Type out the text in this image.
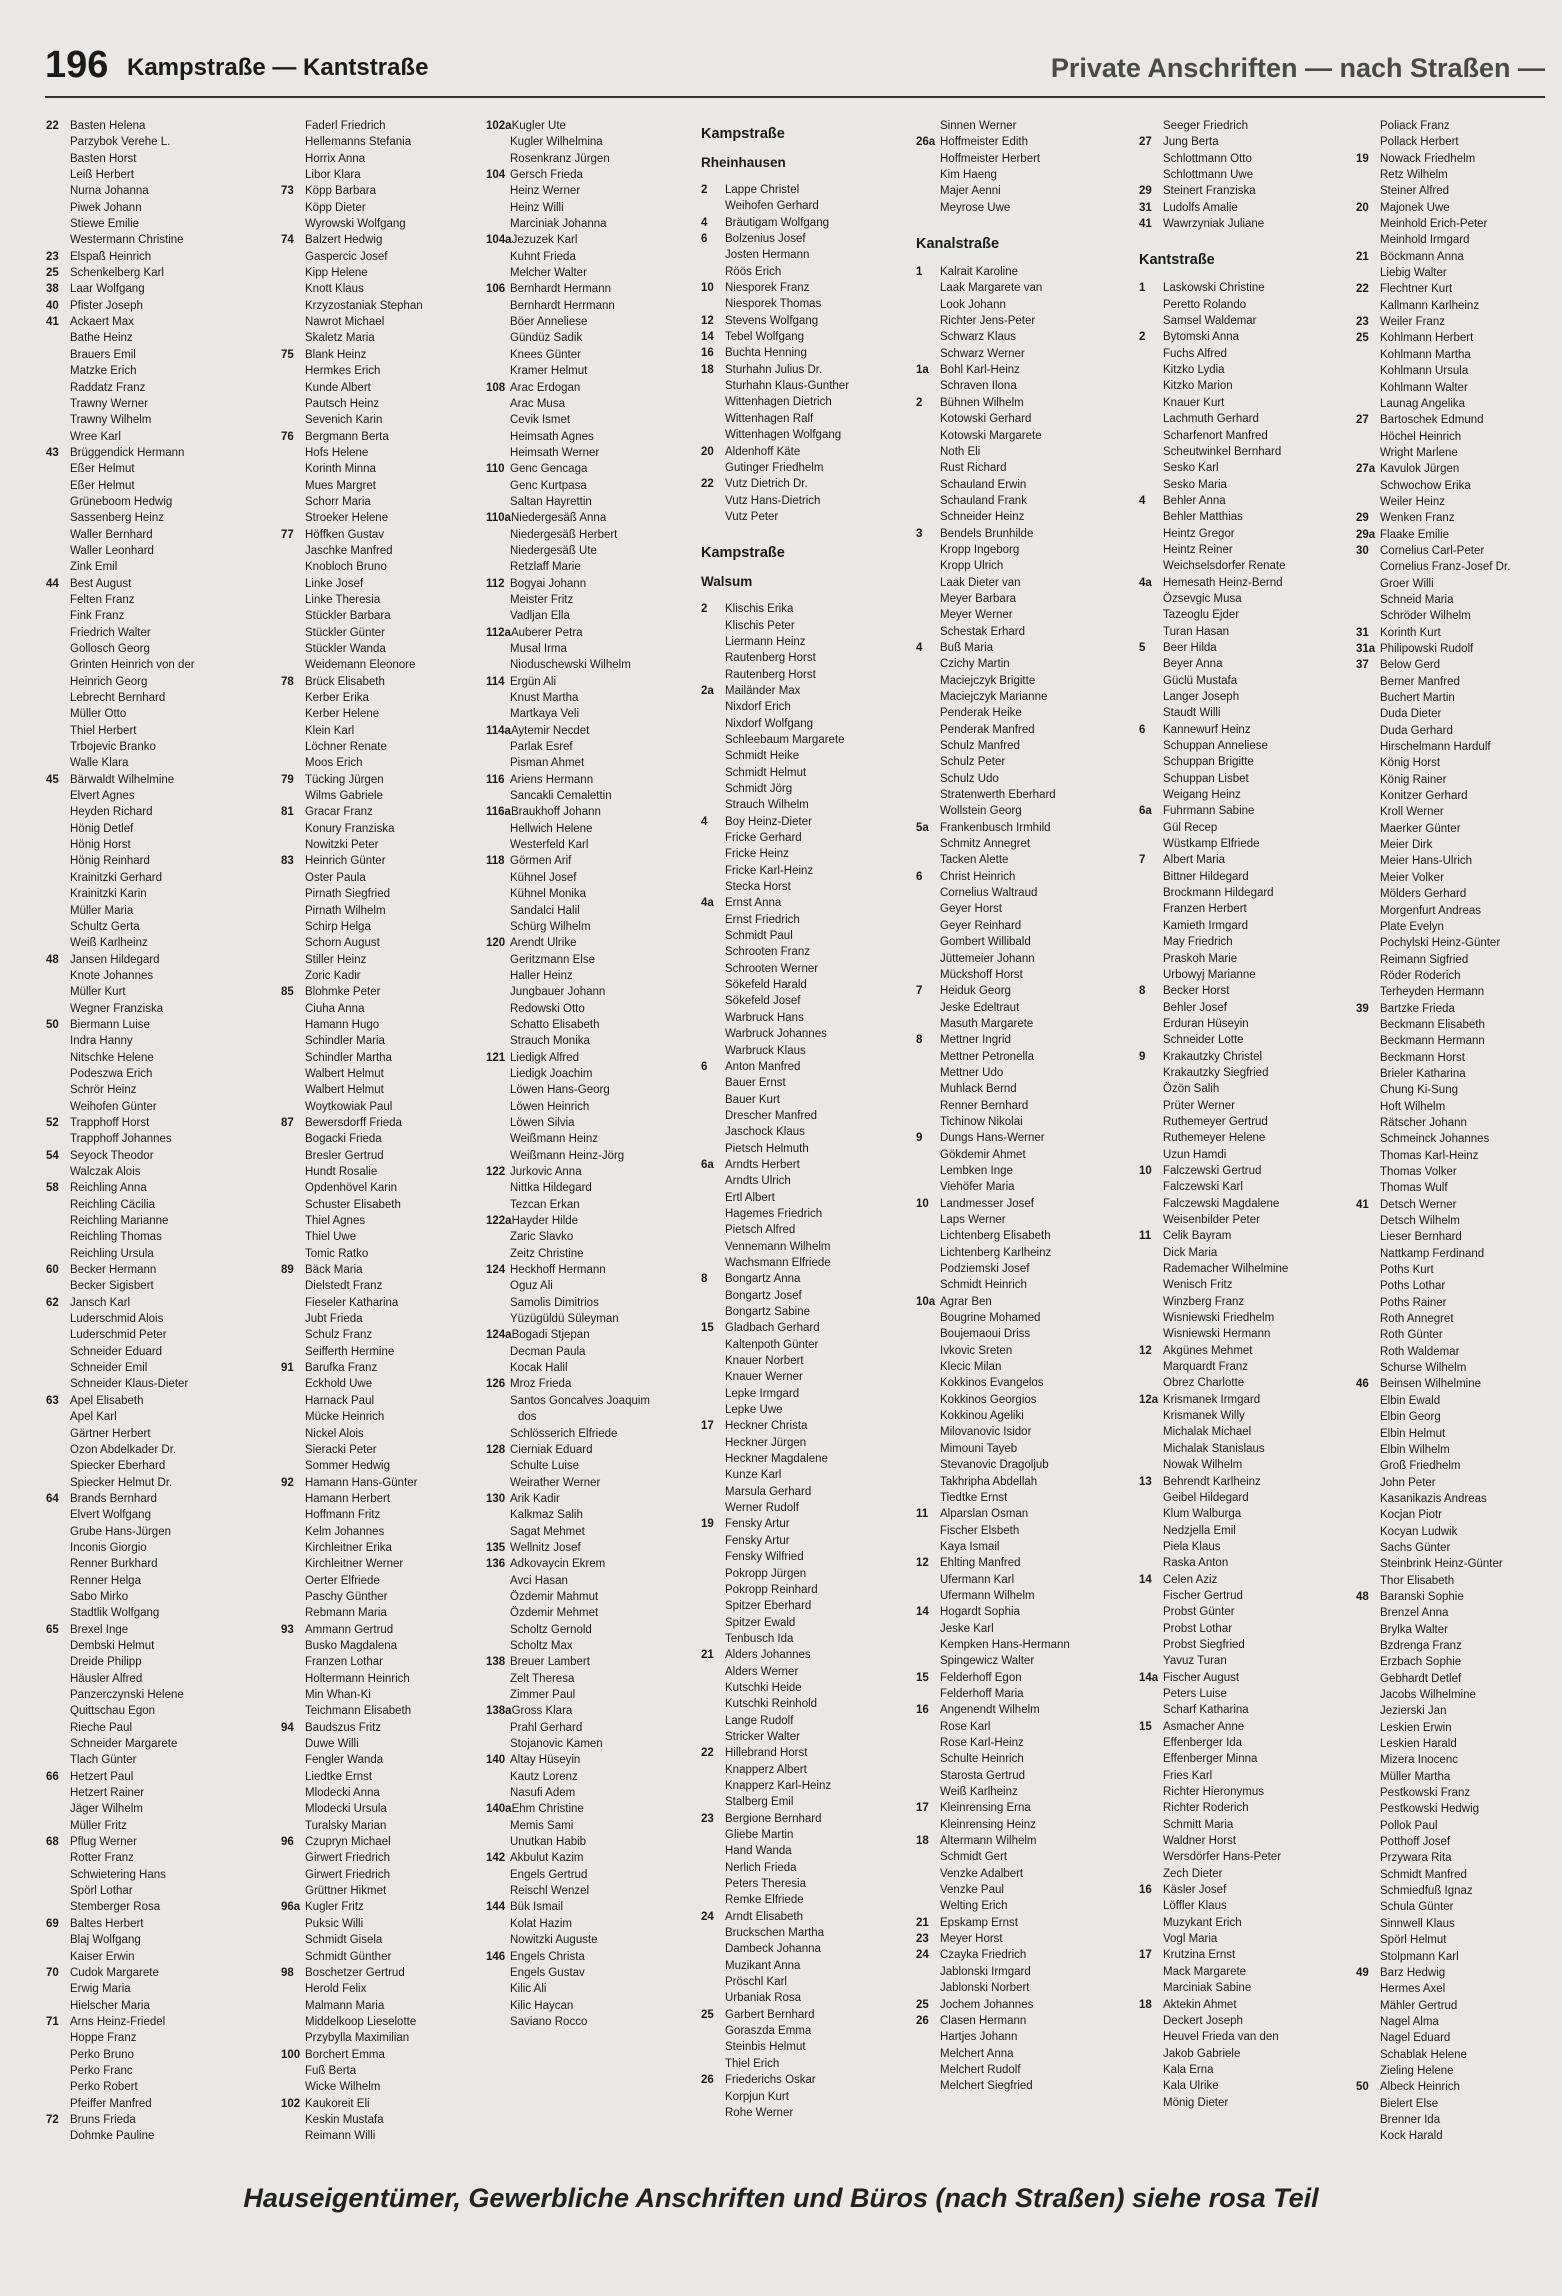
196 Kampstraße — Kantstraße	Private Anschriften — nach Straßen —
22 Basten Helena
Parzybok Verehe L.
Basten Horst
Leiß Herbert
Nurna Johanna
Piwek Johann
Stiewe Emilie
Westermann Christine
23 Elspaß Heinrich
25 Schenkelberg Karl
38 Laar Wolfgang
40 Pfister Joseph
41 Ackaert Max
Bathe Heinz
Brauers Emil
Matzke Erich
Raddatz Franz
Trawny Werner
Trawny Wilhelm
Wree Karl
43 Brüggendick Hermann
Eßer Helmut
Eßer Helmut
Grüneboom Hedwig
Sassenberg Heinz
Waller Bernhard
Waller Leonhard
Zink Emil
44 Best August
Felten Franz
Fink Franz
Friedrich Walter
Gollosch Georg
Grinten Heinrich von der
Heinrich Georg
Lebrecht Bernhard
Müller Otto
Thiel Herbert
Trbojevic Branko
Walle Klara
45 Bärwaldt Wilhelmine
Elvert Agnes
Heyden Richard
Hönig Detlef
Hönig Horst
Hönig Reinhard
Krainitzki Gerhard
Krainitzki Karin
Müller Maria
Schultz Gerta
Weiß Karlheinz
48 Jansen Hildegard
Knote Johannes
Müller Kurt
Wegner Franziska
50 Biermann Luise
Indra Hanny
Nitschke Helene
Podeszwa Erich
Schrör Heinz
Weihofen Günter
52 Trapphoff Horst
Trapphoff Johannes
54 Seyock Theodor
Walczak Alois
58 Reichling Anna
Reichling Cäcilia
Reichling Marianne
Reichling Thomas
Reichling Ursula
60 Becker Hermann
Becker Sigisbert
62 Jansch Karl
Luderschmid Alois
Luderschmid Peter
Schneider Eduard
Schneider Emil
Schneider Klaus-Dieter
63 Apel Elisabeth
Apel Karl
Gärtner Herbert
Ozon Abdelkader Dr.
Spiecker Eberhard
Spiecker Helmut Dr.
64 Brands Bernhard
Elvert Wolfgang
Grube Hans-Jürgen
Inconis Giorgio
Renner Burkhard
Renner Helga
Sabo Mirko
Stadtlik Wolfgang
65 Brexel Inge
Dembski Helmut
Dreide Philipp
Häusler Alfred
Panzerczynski Helene
Quittschau Egon
Rieche Paul
Schneider Margarete
Tlach Günter
66 Hetzert Paul
Hetzert Rainer
Jäger Wilhelm
Müller Fritz
68 Pflug Werner
Rotter Franz
Schwietering Hans
Spörl Lothar
Stemberger Rosa
69 Baltes Herbert
Blaj Wolfgang
Kaiser Erwin
70 Cudok Margarete
Erwig Maria
Hielscher Maria
71 Arns Heinz-Friedel
Hoppe Franz
Perko Bruno
Perko Franc
Perko Robert
Pfeiffer Manfred
72 Bruns Frieda
Dohmke Pauline
Faderl Friedrich
Hellemanns Stefania
Horrix Anna
Libor Klara
73 Köpp Barbara
Köpp Dieter
Wyrowski Wolfgang
74 Balzert Hedwig
Gaspercic Josef
Kipp Helene
Knott Klaus
Krzyzostaniak Stephan
Nawrot Michael
Skaletz Maria
75 Blank Heinz
Hermkes Erich
Kunde Albert
Pautsch Heinz
Sevenich Karin
76 Bergmann Berta
Hofs Helene
Korinth Minna
Mues Margret
Schorr Maria
Stroeker Helene
77 Höffken Gustav
Jaschke Manfred
Knobloch Bruno
Linke Josef
Linke Theresia
Stückler Barbara
Stückler Günter
Stückler Wanda
Weidemann Eleonore
78 Brück Elisabeth
Kerber Erika
Kerber Helene
Klein Karl
Löchner Renate
Moos Erich
79 Tücking Jürgen
Wilms Gabriele
81 Gracar Franz
Konury Franziska
Nowitzki Peter
83 Heinrich Günter
Oster Paula
Pirnath Siegfried
Pirnath Wilhelm
Schirp Helga
Schorn August
Stiller Heinz
Zoric Kadir
85 Blohmke Peter
Ciuha Anna
Hamann Hugo
Schindler Maria
Schindler Martha
Walbert Helmut
Walbert Helmut
Woytkowiak Paul
87 Bewersdorff Frieda
Bogacki Frieda
Bresler Gertrud
Hundt Rosalie
Opdenhövel Karin
Schuster Elisabeth
Thiel Agnes
Thiel Uwe
Tomic Ratko
89 Bäck Maria
Dielstedt Franz
Fieseler Katharina
Jubt Frieda
Schulz Franz
Seifferth Hermine
91 Barufka Franz
Eckhold Uwe
Harnack Paul
Mücke Heinrich
Nickel Alois
Sieracki Peter
Sommer Hedwig
92 Hamann Hans-Günter
Hamann Herbert
Hoffmann Fritz
Kelm Johannes
Kirchleitner Erika
Kirchleitner Werner
Oerter Elfriede
Paschy Günther
Rebmann Maria
93 Ammann Gertrud
Busko Magdalena
Franzen Lothar
Holtermann Heinrich
Min Whan-Ki
Teichmann Elisabeth
94 Baudszus Fritz
Duwe Willi
Fengler Wanda
Liedtke Ernst
Mlodecki Anna
Mlodecki Ursula
Turalsky Marian
96 Czupryn Michael
Girwert Friedrich
Girwert Friedrich
Grüttner Hikmet
96a Kugler Fritz
Puksic Willi
Schmidt Gisela
Schmidt Günther
98 Boschetzer Gertrud
Herold Felix
Malmann Maria
Middelkoop Lieselotte
Przybylla Maximilian
100 Borchert Emma
Fuß Berta
Wicke Wilhelm
102 Kaukoreit Eli
Keskin Mustafa
Reimann Willi
102aKugler Ute
Kugler Wilhelmina
Rosenkranz Jürgen
104 Gersch Frieda
Heinz Werner
Heinz Willi
Marciniak Johanna
104aJezuzek Karl
Kuhnt Frieda
Melcher Walter
106 Bernhardt Hermann
Bernhardt Herrmann
Böer Anneliese
Gündüz Sadik
Knees Günter
Kramer Helmut
108 Arac Erdogan
Arac Musa
Cevik Ismet
Heimsath Agnes
Heimsath Werner
110 Genc Gencaga
Genc Kurtpasa
Saltan Hayrettin
110aNiedergesäß Anna
Niedergesäß Herbert
Niedergesäß Ute
Retzlaff Marie
112 Bogyai Johann
Meister Fritz
Vadljan Ella
112aAuberer Petra
Musal Irma
Nioduschewski Wilhelm
114 Ergün Ali
Knust Martha
Martkaya Veli
114aAytemir Necdet
Parlak Esref
Pisman Ahmet
116 Ariens Hermann
Sancakli Cemalettin
116aBraukhoff Johann
Hellwich Helene
Westerfeld Karl
118 Görmen Arif
Kühnel Josef
Kühnel Monika
Sandalci Halil
Schürg Wilhelm
120 Arendt Ulrike
Geritzmann Else
Haller Heinz
Jungbauer Johann
Redowski Otto
Schatto Elisabeth
Strauch Monika
121 Liedigk Alfred
Liedigk Joachim
Löwen Hans-Georg
Löwen Heinrich
Löwen Silvia
Weißmann Heinz
Weißmann Heinz-Jörg
122 Jurkovic Anna
Nittka Hildegard
Tezcan Erkan
122aHayder Hilde
Zaric Slavko
Zeitz Christine
124 Heckhoff Hermann
Oguz Ali
Samolis Dimitrios
Yüzügüldü Süleyman
124aBogadi Stjepan
Decman Paula
Kocak Halil
126 Mroz Frieda
Santos Goncalves Joaquim
dos
Schlösserich Elfriede
128 Cierniak Eduard
Schulte Luise
Weirather Werner
130 Arik Kadir
Kalkmaz Salih
Sagat Mehmet
135 Wellnitz Josef
136 Adkovaycin Ekrem
Avci Hasan
Özdemir Mahmut
Özdemir Mehmet
Scholtz Gernold
Scholtz Max
138 Breuer Lambert
Zelt Theresa
Zimmer Paul
138aGross Klara
Prahl Gerhard
Stojanovic Kamen
140 Altay Hüseyin
Kautz Lorenz
Nasufi Adem
140aEhm Christine
Memis Sami
Unutkan Habib
142 Akbulut Kazim
Engels Gertrud
Reischl Wenzel
144 Bük Ismail
Kolat Hazim
Nowitzki Auguste
146 Engels Christa
Engels Gustav
Kilic Ali
Kilic Haycan
Saviano Rocco
Kampstraße
Rheinhausen
2 Lappe Christel
Weihofen Gerhard
4 Bräutigam Wolfgang
6 Bolzenius Josef
Josten Hermann
Röös Erich
10 Niesporek Franz
Niesporek Thomas
12 Stevens Wolfgang
14 Tebel Wolfgang
16 Buchta Henning
18 Sturhahn Julius Dr.
Sturhahn Klaus-Gunther
Wittenhagen Dietrich
Wittenhagen Ralf
Wittenhagen Wolfgang
20 Aldenhoff Käte
Gutinger Friedhelm
22 Vutz Dietrich Dr.
Vutz Hans-Dietrich
Vutz Peter
Kampstraße
Walsum
2 Klischis Erika
Klischis Peter
Liermann Heinz
Rautenberg Horst
Rautenberg Horst
2a Mailänder Max
Nixdorf Erich
Nixdorf Wolfgang
Schleebaum Margarete
Schmidt Heike
Schmidt Helmut
Schmidt Jörg
Strauch Wilhelm
4 Boy Heinz-Dieter
Fricke Gerhard
Fricke Heinz
Fricke Karl-Heinz
Stecka Horst
4a Ernst Anna
Ernst Friedrich
Schmidt Paul
Schrooten Franz
Schrooten Werner
Sökefeld Harald
Sökefeld Josef
Warbruck Hans
Warbruck Johannes
Warbruck Klaus
6 Anton Manfred
Bauer Ernst
Bauer Kurt
Drescher Manfred
Jaschock Klaus
Pietsch Helmuth
6a Arndts Herbert
Arndts Ulrich
Ertl Albert
Hagemes Friedrich
Pietsch Alfred
Vennemann Wilhelm
Wachsmann Elfriede
8 Bongartz Anna
Bongartz Josef
Bongartz Sabine
15 Gladbach Gerhard
Kaltenpoth Günter
Knauer Norbert
Knauer Werner
Lepke Irmgard
Lepke Uwe
17 Heckner Christa
Heckner Jürgen
Heckner Magdalene
Kunze Karl
Marsula Gerhard
Werner Rudolf
19 Fensky Artur
Fensky Artur
Fensky Wilfried
Pokropp Jürgen
Pokropp Reinhard
Spitzer Eberhard
Spitzer Ewald
Tenbusch Ida
21 Alders Johannes
Alders Werner
Kutschki Heide
Kutschki Reinhold
Lange Rudolf
Stricker Walter
22 Hillebrand Horst
Knapperz Albert
Knapperz Karl-Heinz
Stalberg Emil
23 Bergione Bernhard
Gliebe Martin
Hand Wanda
Nerlich Frieda
Peters Theresia
Remke Elfriede
24 Arndt Elisabeth
Bruckschen Martha
Dambeck Johanna
Muzikant Anna
Pröschl Karl
Urbaniak Rosa
25 Garbert Bernhard
Goraszda Emma
Steinbis Helmut
Thiel Erich
26 Friederichs Oskar
Korpjun Kurt
Rohe Werner
Sinnen Werner
26a Hoffmeister Edith
Hoffmeister Herbert
Kim Haeng
Majer Aenni
Meyrose Uwe
Kanalstraße
1 Kalrait Karoline
Laak Margarete van
Look Johann
Richter Jens-Peter
Schwarz Klaus
Schwarz Werner
1a Bohl Karl-Heinz
Schraven Ilona
2 Bühnen Wilhelm
Kotowski Gerhard
Kotowski Margarete
Noth Eli
Rust Richard
Schauland Erwin
Schauland Frank
Schneider Heinz
3 Bendels Brunhilde
Kropp Ingeborg
Kropp Ulrich
Laak Dieter van
Meyer Barbara
Meyer Werner
Schestak Erhard
4 Buß Maria
Czichy Martin
Maciejczyk Brigitte
Maciejczyk Marianne
Penderak Heike
Penderak Manfred
Schulz Manfred
Schulz Peter
Schulz Udo
Stratenwerth Eberhard
Wollstein Georg
5a Frankenbusch Irmhild
Schmitz Annegret
Tacken Alette
6 Christ Heinrich
Cornelius Waltraud
Geyer Horst
Geyer Reinhard
Gombert Willibald
Jüttemeier Johann
Mückshoff Horst
7 Heiduk Georg
Jeske Edeltraut
Masuth Margarete
8 Mettner Ingrid
Mettner Petronella
Mettner Udo
Muhlack Bernd
Renner Bernhard
Tichinow Nikolai
9 Dungs Hans-Werner
Gökdemir Ahmet
Lembken Inge
Viehöfer Maria
10 Landmesser Josef
Laps Werner
Lichtenberg Elisabeth
Lichtenberg Karlheinz
Podziemski Josef
Schmidt Heinrich
10a Agrar Ben
Bougrine Mohamed
Boujemaoui Driss
Ivkovic Sreten
Klecic Milan
Kokkinos Evangelos
Kokkinos Georgios
Kokkinou Ageliki
Milovanovic Isidor
Mimouni Tayeb
Stevanovic Dragoljub
Takhripha Abdellah
Tiedtke Ernst
11 Alparslan Osman
Fischer Elsbeth
Kaya Ismail
12 Ehlting Manfred
Ufermann Karl
Ufermann Wilhelm
14 Hogardt Sophia
Jeske Karl
Kempken Hans-Hermann
Spingewicz Walter
15 Felderhoff Egon
Felderhoff Maria
16 Angenendt Wilhelm
Rose Karl
Rose Karl-Heinz
Schulte Heinrich
Starosta Gertrud
Weiß Karlheinz
17 Kleinrensing Erna
Kleinrensing Heinz
18 Altermann Wilhelm
Schmidt Gert
Venzke Adalbert
Venzke Paul
Welting Erich
21 Epskamp Ernst
23 Meyer Horst
24 Czayka Friedrich
Jablonski Irmgard
Jablonski Norbert
25 Jochem Johannes
26 Clasen Hermann
Hartjes Johann
Melchert Anna
Melchert Rudolf
Melchert Siegfried
Seeger Friedrich
27 Jung Berta
Schlottmann Otto
Schlottmann Uwe
29 Steinert Franziska
31 Ludolfs Amalie
41 Wawrzyniak Juliane
Kantstraße
1 Laskowski Christine
Peretto Rolando
Samsel Waldemar
2 Bytomski Anna
Fuchs Alfred
Kitzko Lydia
Kitzko Marion
Knauer Kurt
Lachmuth Gerhard
Scharfenort Manfred
Scheutwinkel Bernhard
Sesko Karl
Sesko Maria
4 Behler Anna
Behler Matthias
Heintz Gregor
Heintz Reiner
Weichselsdorfer Renate
4a Hemesath Heinz-Bernd
Özsevgic Musa
Tazeoglu Ejder
Turan Hasan
5 Beer Hilda
Beyer Anna
Güclü Mustafa
Langer Joseph
Staudt Willi
6 Kannewurf Heinz
Schuppan Anneliese
Schuppan Brigitte
Schuppan Lisbet
Weigang Heinz
6a Fuhrmann Sabine
Gül Recep
Wüstkamp Elfriede
7 Albert Maria
Bittner Hildegard
Brockmann Hildegard
Franzen Herbert
Kamieth Irmgard
May Friedrich
Praskoh Marie
Urbowyj Marianne
8 Becker Horst
Behler Josef
Erduran Hüseyin
Schneider Lotte
9 Krakautzky Christel
Krakautzky Siegfried
Özön Salih
Prüter Werner
Ruthemeyer Gertrud
Ruthemeyer Helene
Uzun Hamdi
10 Falczewski Gertrud
Falczewski Karl
Falczewski Magdalene
Weisenbilder Peter
11 Celik Bayram
Dick Maria
Rademacher Wilhelmine
Wenisch Fritz
Winzberg Franz
Wisniewski Friedhelm
Wisniewski Hermann
12 Akgünes Mehmet
Marquardt Franz
Obrez Charlotte
12a Krismanek Irmgard
Krismanek Willy
Michalak Michael
Michalak Stanislaus
Nowak Wilhelm
13 Behrendt Karlheinz
Geibel Hildegard
Klum Walburga
Nedzjella Emil
Piela Klaus
Raska Anton
14 Celen Aziz
Fischer Gertrud
Probst Günter
Probst Lothar
Probst Siegfried
Yavuz Turan
14a Fischer August
Peters Luise
Scharf Katharina
15 Asmacher Anne
Effenberger Ida
Effenberger Minna
Fries Karl
Richter Hieronymus
Richter Roderich
Schmitt Maria
Waldner Horst
Wersdörfer Hans-Peter
Zech Dieter
16 Käsler Josef
Löffler Klaus
Muzykant Erich
Vogl Maria
17 Krutzina Ernst
Mack Margarete
Marciniak Sabine
18 Aktekin Ahmet
Deckert Joseph
Heuvel Frieda van den
Jakob Gabriele
Kala Erna
Kala Ulrike
Mönig Dieter
Poliack Franz
Pollack Herbert
19 Nowack Friedhelm
Retz Wilhelm
Steiner Alfred
20 Majonek Uwe
Meinhold Erich-Peter
Meinhold Irmgard
21 Böckmann Anna
Liebig Walter
22 Flechtner Kurt
Kallmann Karlheinz
23 Weiler Franz
25 Kohlmann Herbert
Kohlmann Martha
Kohlmann Ursula
Kohlmann Walter
Launag Angelika
27 Bartoschek Edmund
Höchel Heinrich
Wright Marlene
27a Kavulok Jürgen
Schwochow Erika
Weiler Heinz
29 Wenken Franz
29a Flaake Emilie
30 Cornelius Carl-Peter
Cornelius Franz-Josef Dr.
Groer Willi
Schneid Maria
Schröder Wilhelm
31 Korinth Kurt
31a Philipowski Rudolf
37 Below Gerd
Berner Manfred
Buchert Martin
Duda Dieter
Duda Gerhard
Hirschelmann Hardulf
König Horst
König Rainer
Konitzer Gerhard
Kroll Werner
Maerker Günter
Meier Dirk
Meier Hans-Ulrich
Meier Volker
Mölders Gerhard
Morgenfurt Andreas
Plate Evelyn
Pochylski Heinz-Günter
Reimann Sigfried
Röder Roderich
Terheyden Hermann
39 Bartzke Frieda
Beckmann Elisabeth
Beckmann Hermann
Beckmann Horst
Brieler Katharina
Chung Ki-Sung
Hoft Wilhelm
Rätscher Johann
Schmeinck Johannes
Thomas Karl-Heinz
Thomas Volker
Thomas Wulf
41 Detsch Werner
Detsch Wilhelm
Lieser Bernhard
Nattkamp Ferdinand
Poths Kurt
Poths Lothar
Poths Rainer
Roth Annegret
Roth Günter
Roth Waldemar
Schurse Wilhelm
46 Beinsen Wilhelmine
Elbin Ewald
Elbin Georg
Elbin Helmut
Elbin Wilhelm
Groß Friedhelm
John Peter
Kasanikazis Andreas
Kocjan Piotr
Kocyan Ludwik
Sachs Günter
Steinbrink Heinz-Günter
Thor Elisabeth
48 Baranski Sophie
Brenzel Anna
Brylka Walter
Bzdrenga Franz
Erzbach Sophie
Gebhardt Detlef
Jacobs Wilhelmine
Jezierski Jan
Leskien Erwin
Leskien Harald
Mizera Inocenc
Müller Martha
Pestkowski Franz
Pestkowski Hedwig
Pollok Paul
Potthoff Josef
Przywara Rita
Schmidt Manfred
Schmiedfuß Ignaz
Schula Günter
Sinnwell Klaus
Spörl Helmut
Stolpmann Karl
49 Barz Hedwig
Hermes Axel
Mähler Gertrud
Nagel Alma
Nagel Eduard
Schablak Helene
Zieling Helene
50 Albeck Heinrich
Bielert Else
Brenner Ida
Kock Harald
Hauseigentümer, Gewerbliche Anschriften und Büros (nach Straßen) siehe rosa Teil
